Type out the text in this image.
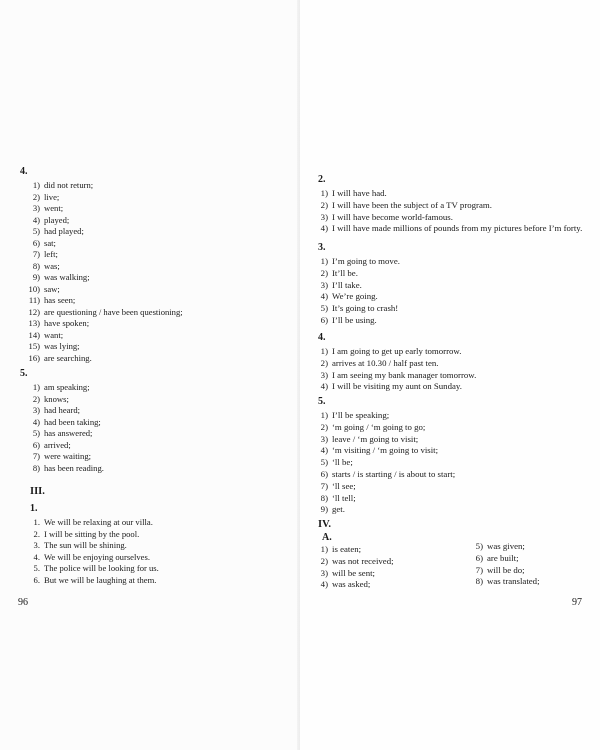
4.
1) did not return;
2) live;
3) went;
4) played;
5) had played;
6) sat;
7) left;
8) was;
9) was walking;
10) saw;
11) has seen;
12) are questioning / have been questioning;
13) have spoken;
14) want;
15) was lying;
16) are searching.
5.
1) am speaking;
2) knows;
3) had heard;
4) had been taking;
5) has answered;
6) arrived;
7) were waiting;
8) has been reading.
III.
1.
1. We will be relaxing at our villa.
2. I will be sitting by the pool.
3. The sun will be shining.
4. We will be enjoying ourselves.
5. The police will be looking for us.
6. But we will be laughing at them.
96
2.
1) I will have had.
2) I will have been the subject of a TV program.
3) I will have become world-famous.
4) I will have made millions of pounds from my pictures before I’m forty.
3.
1) I’m going to move.
2) It’ll be.
3) I’ll take.
4) We’re going.
5) It’s going to crash!
6) I’ll be using.
4.
1) I am going to get up early tomorrow.
2) arrives at 10.30 / half past ten.
3) I am seeing my bank manager tomorrow.
4) I will be visiting my aunt on Sunday.
5.
1) I’ll be speaking;
2) ‘m going / ‘m going to go;
3) leave / ‘m going to visit;
4) ‘m visiting / ‘m going to visit;
5) ‘ll be;
6) starts / is starting / is about to start;
7) ‘ll see;
8) ‘ll tell;
9) get.
IV.
A.
1) is eaten;
2) was not received;
3) will be sent;
4) was asked;
5) was given;
6) are built;
7) will be do;
8) was translated;
97
